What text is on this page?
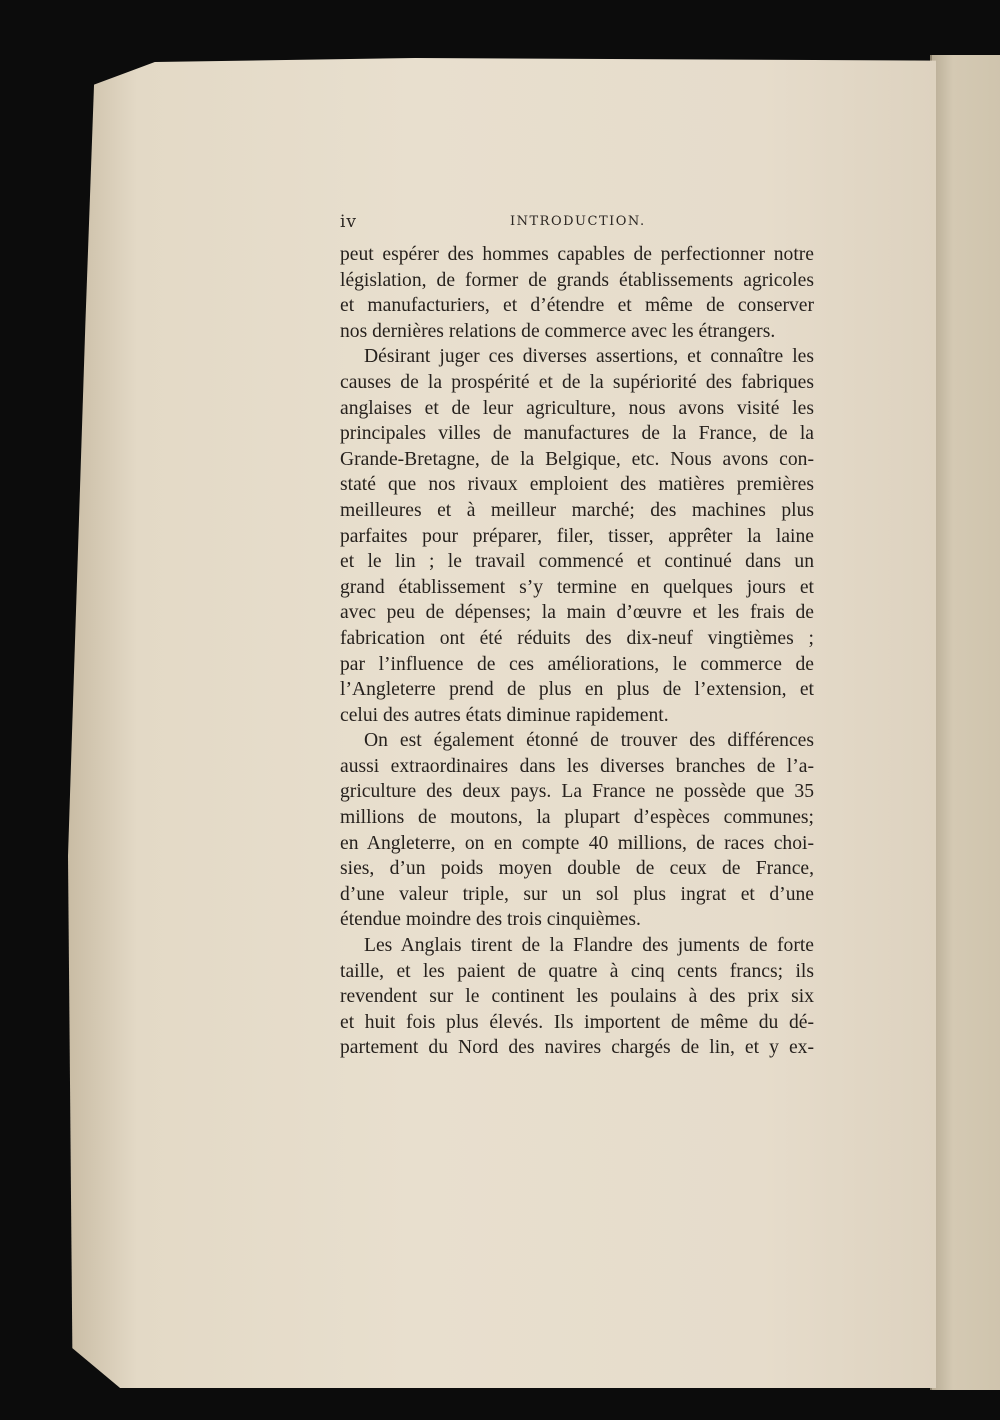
iv	INTRODUCTION.
peut espérer des hommes capables de perfectionner notre
législation, de former de grands établissements agricoles
et manufacturiers, et d’étendre et même de conserver
nos dernières relations de commerce avec les étrangers.
Désirant juger ces diverses assertions, et connaître les
causes de la prospérité et de la supériorité des fabriques
anglaises et de leur agriculture, nous avons visité les
principales villes de manufactures de la France, de la
Grande-Bretagne, de la Belgique, etc. Nous avons con-
staté que nos rivaux emploient des matières premières
meilleures et à meilleur marché; des machines plus
parfaites pour préparer, filer, tisser, apprêter la laine
et le lin ; le travail commencé et continué dans un
grand établissement s’y termine en quelques jours et
avec peu de dépenses; la main d’œuvre et les frais de
fabrication ont été réduits des dix-neuf vingtièmes ;
par l’influence de ces améliorations, le commerce de
l’Angleterre prend de plus en plus de l’extension, et
celui des autres états diminue rapidement.
On est également étonné de trouver des différences
aussi extraordinaires dans les diverses branches de l’a-
griculture des deux pays. La France ne possède que 35
millions de moutons, la plupart d’espèces communes;
en Angleterre, on en compte 40 millions, de races choi-
sies, d’un poids moyen double de ceux de France,
d’une valeur triple, sur un sol plus ingrat et d’une
étendue moindre des trois cinquièmes.
Les Anglais tirent de la Flandre des juments de forte
taille, et les paient de quatre à cinq cents francs; ils
revendent sur le continent les poulains à des prix six
et huit fois plus élevés. Ils importent de même du dé-
partement du Nord des navires chargés de lin, et y ex-
